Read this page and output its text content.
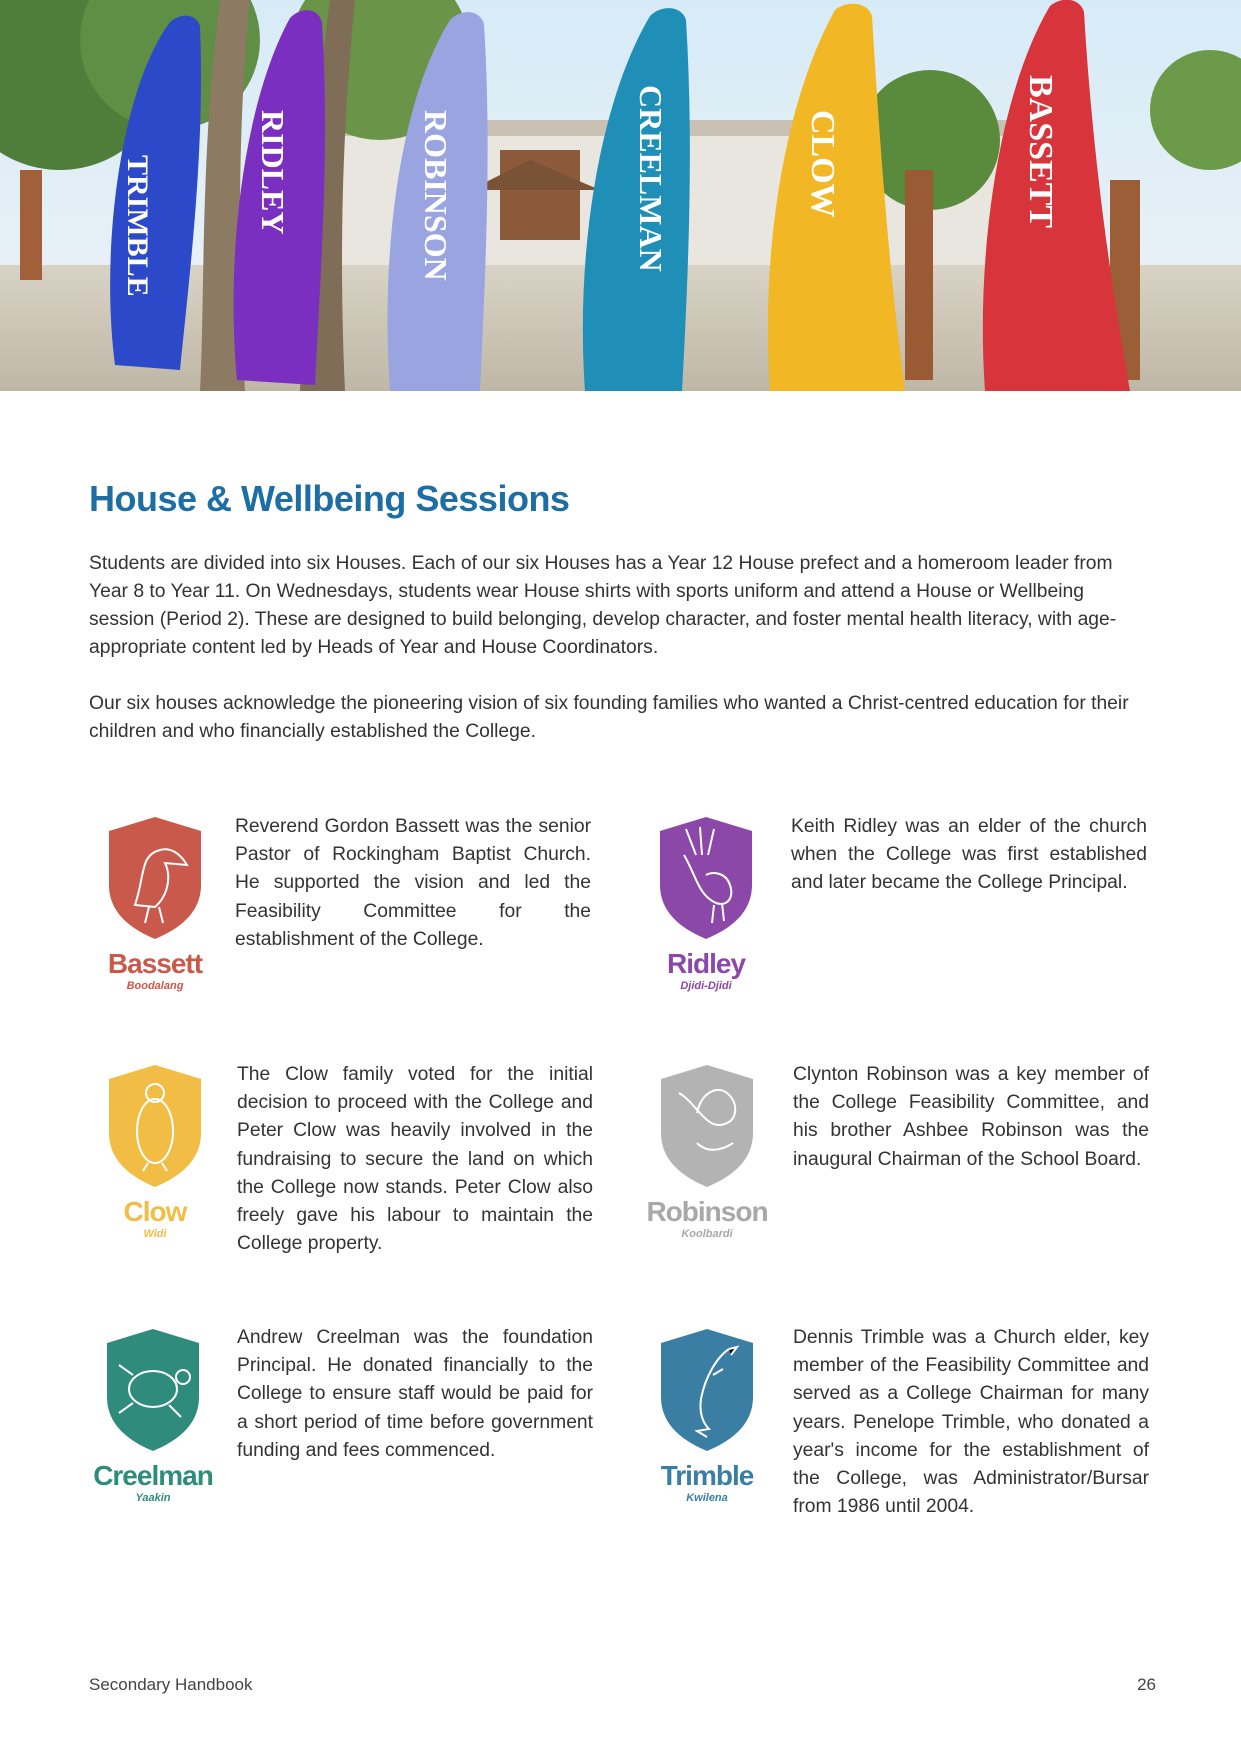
TRIMBLE	RIDLEY	ROBINSON	CREELMAN	CLOW	BASSETT
House & Wellbeing Sessions

Students are divided into six Houses. Each of our six Houses has a Year 12 House prefect and a homeroom leader from Year 8 to Year 11. On Wednesdays, students wear House shirts with sports uniform and attend a House or Wellbeing session (Period 2). These are designed to build belonging, develop character, and foster mental health literacy, with age-appropriate content led by Heads of Year and House Coordinators.

Our six houses acknowledge the pioneering vision of six founding families who wanted a Christ-centred education for their children and who financially established the College.

Bassett
Boodalang

Reverend Gordon Bassett was the senior Pastor of Rockingham Baptist Church. He supported the vision and led the Feasibility Committee for the establishment of the College.

Ridley
Djidi-Djidi

Keith Ridley was an elder of the church when the College was first established and later became the College Principal.

Clow
Widi

The Clow family voted for the initial decision to proceed with the College and Peter Clow was heavily involved in the fundraising to secure the land on which the College now stands. Peter Clow also freely gave his labour to maintain the College property.

Robinson
Koolbardi

Clynton Robinson was a key member of the College Feasibility Committee, and his brother Ashbee Robinson was the inaugural Chairman of the School Board.

Creelman
Yaakin

Andrew Creelman was the foundation Principal. He donated financially to the College to ensure staff would be paid for a short period of time before government funding and fees commenced.

Trimble
Kwilena

Dennis Trimble was a Church elder, key member of the Feasibility Committee and served as a College Chairman for many years. Penelope Trimble, who donated a year's income for the establishment of the College, was Administrator/Bursar from 1986 until 2004.

Secondary Handbook	26
